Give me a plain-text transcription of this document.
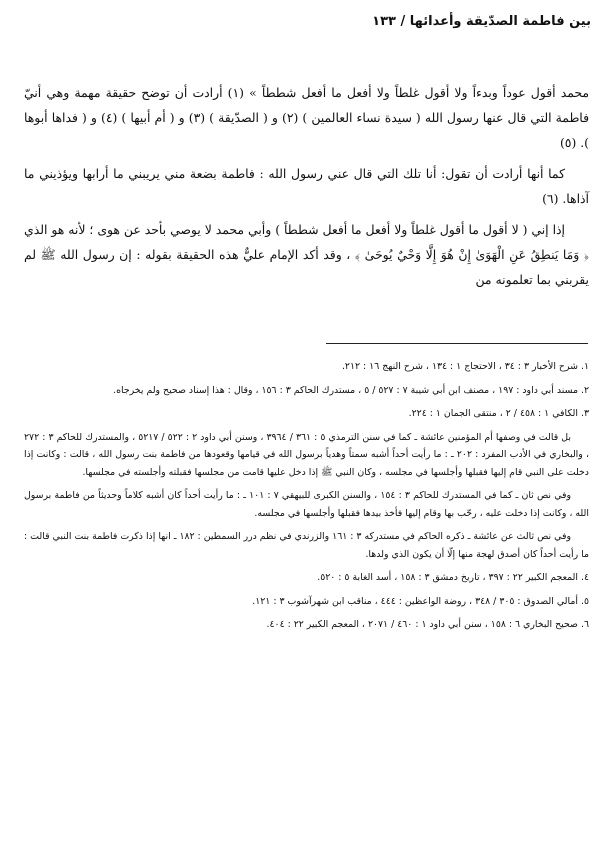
بين فاطمة الصدّيقة وأعدائها / ١٣٣

محمد أقول عوداً وبدءاً ولا أقول غلطاً ولا أفعل ما أفعل شططاً » (١) أرادت أن توضح حقيقة مهمة وهي أنيّ فاطمة التي قال عنها رسول الله ( سيدة نساء العالمين ) (٢) و ( الصدّيقة ) (٣) و ( أم أبيها ) (٤) و ( فداها أبوها ). (٥)

كما أنها أرادت أن تقول: أنا تلك التي قال عني رسول الله : فاطمة بضعة مني يريبني ما أرابها ويؤذيني ما آذاها. (٦)

إذا إني ( لا أقول ما أقول غلطاً ولا أفعل ما أفعل شططاً ) وأبي محمد لا يوصي بأحد عن هوى ؛ لأنه هو الذي ﴿ وَمَا يَنطِقُ عَنِ الْهَوَىٰ إِنْ هُوَ إِلَّا وَحْيٌ يُوحَىٰ ﴾ ، وقد أكد الإمام عليٌّ هذه الحقيقة بقوله : إن رسول الله ﷺ لم يقربني بما تعلمونه من

١. شرح الأخبار ٣ : ٣٤ ، الاحتجاج ١ : ١٣٤ ، شرح النهج ١٦ : ٢١٢.

٢. مسند أبي داود : ١٩٧ ، مصنف ابن أبي شيبة ٧ : ٥٢٧ / ٥ ، مستدرك الحاكم ٣ : ١٥٦ ، وقال : هذا إسناد صحيح ولم يخرجاه.

٣. الكافي ١ : ٤٥٨ / ٢ ، منتقى الجمان ١ : ٢٢٤.

بل قالت في وصفها أم المؤمنين عائشة ـ كما في سنن الترمذي ٥ : ٣٦١ / ٣٩٦٤ ، وسنن أبي داود ٢ : ٥٢٢ / ٥٢١٧ ، والمستدرك للحاكم ٣ : ٢٧٢ ، والبخاري في الأدب المفرد : ٢٠٢ ـ : ما رأيت أحداً أشبه سمتاً وهدياً برسول الله في قيامها وقعودها من فاطمة بنت رسول الله ، قالت : وكانت إذا دخلت على النبي قام إليها فقبلها وأجلسها في مجلسه ، وكان النبي ﷺ إذا دخل عليها قامت من مجلسها فقبلته وأجلسته في مجلسها.

وفي نص ثان ـ كما في المستدرك للحاكم ٣ : ١٥٤ ، والسنن الكبرى للبيهقي ٧ : ١٠١ ـ : ما رأيت أحداً كان أشبه كلاماً وحديثاً من فاطمة برسول الله ، وكانت إذا دخلت عليه ، رحّب بها وقام إليها فأخذ بيدها فقبلها وأجلسها في مجلسه.

وفي نص ثالث عن عائشة ـ ذكره الحاكم في مستدركه ٣ : ١٦١ والزرندي في نظم درر السمطين : ١٨٢ ـ انها إذا ذكرت فاطمة بنت النبي قالت : ما رأيت أحداً كان أصدق لهجة منها إلّا أن يكون الذي ولدها.

٤. المعجم الكبير ٢٢ : ٣٩٧ ، تاريخ دمشق ٣ : ١٥٨ ، أسد الغابة ٥ : ٥٢٠.

٥. أمالي الصدوق : ٣٠٥ / ٣٤٨ ، روضة الواعظين : ٤٤٤ ، مناقب ابن شهرآشوب ٣ : ١٢١.

٦. صحيح البخاري ٦ : ١٥٨ ، سنن أبي داود ١ : ٤٦٠ / ٢٠٧١ ، المعجم الكبير ٢٢ : ٤٠٤.
